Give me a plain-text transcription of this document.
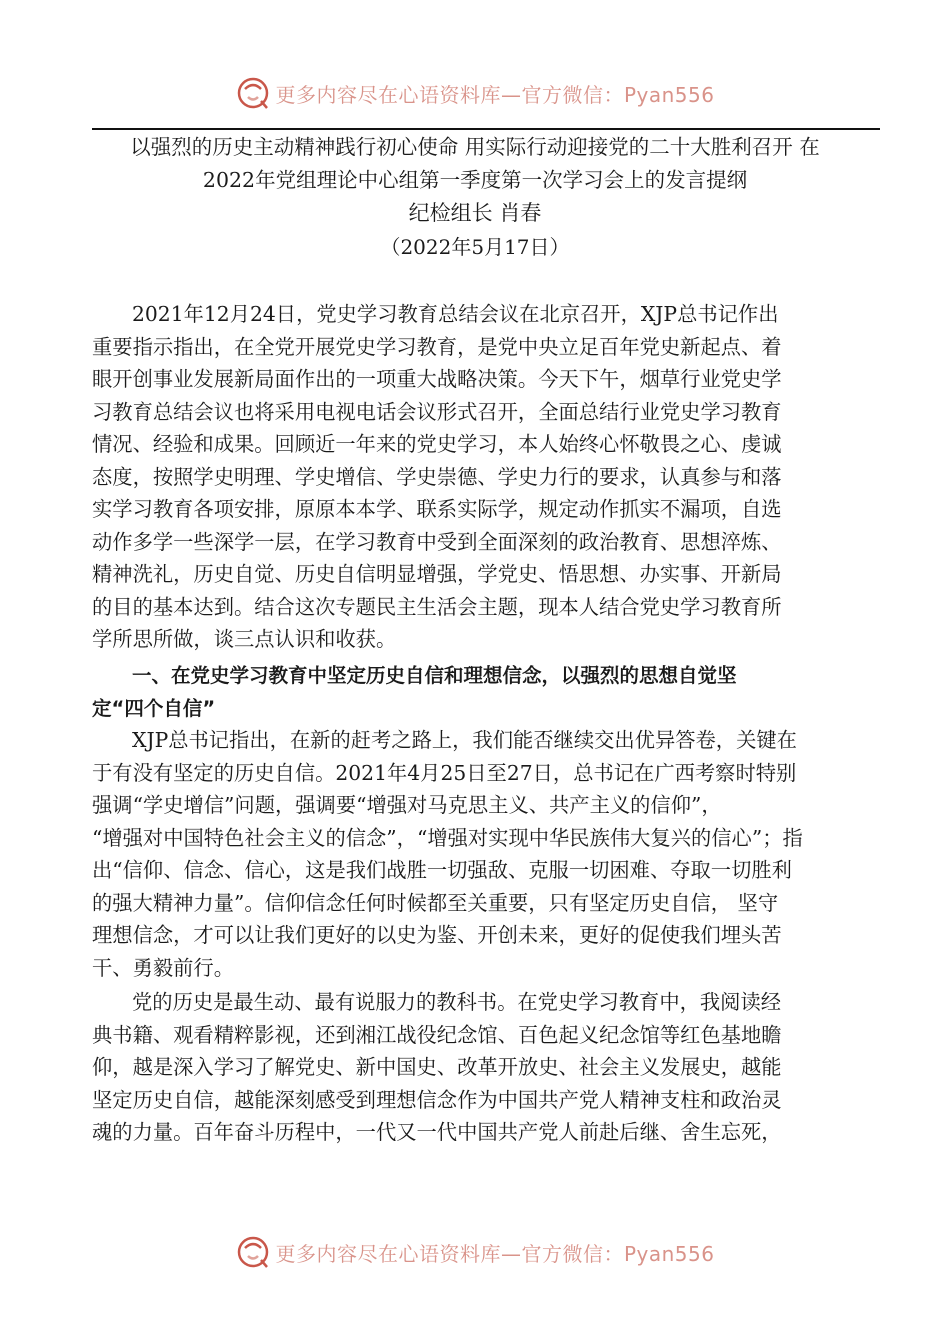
更多内容尽在心语资料库—官方微信：Pyan556
以强烈的历史主动精神践行初心使命 用实际行动迎接党的二十大胜利召开 在
2022年党组理论中心组第一季度第一次学习会上的发言提纲
纪检组长 肖春
（2022年5月17日）
2021年12月24日，党史学习教育总结会议在北京召开，XJP总书记作出
重要指示指出，在全党开展党史学习教育，是党中央立足百年党史新起点、着
眼开创事业发展新局面作出的一项重大战略决策。今天下午，烟草行业党史学
习教育总结会议也将采用电视电话会议形式召开，全面总结行业党史学习教育
情况、经验和成果。回顾近一年来的党史学习，本人始终心怀敬畏之心、虔诚
态度，按照学史明理、学史增信、学史崇德、学史力行的要求，认真参与和落
实学习教育各项安排，原原本本学、联系实际学，规定动作抓实不漏项，自选
动作多学一些深学一层，在学习教育中受到全面深刻的政治教育、思想淬炼、
精神洗礼，历史自觉、历史自信明显增强，学党史、悟思想、办实事、开新局
的目的基本达到。结合这次专题民主生活会主题，现本人结合党史学习教育所
学所思所做，谈三点认识和收获。
一、在党史学习教育中坚定历史自信和理想信念，以强烈的思想自觉坚
定“四个自信”
XJP总书记指出，在新的赶考之路上，我们能否继续交出优异答卷，关键在
于有没有坚定的历史自信。2021年4月25日至27日，总书记在广西考察时特别
强调“学史增信”问题，强调要“增强对马克思主义、共产主义的信仰”，
“增强对中国特色社会主义的信念”，“增强对实现中华民族伟大复兴的信心”；指
出“信仰、信念、信心，这是我们战胜一切强敌、克服一切困难、夺取一切胜利
的强大精神力量”。信仰信念任何时候都至关重要，只有坚定历史自信， 坚守
理想信念，才可以让我们更好的以史为鉴、开创未来，更好的促使我们埋头苦
干、勇毅前行。
党的历史是最生动、最有说服力的教科书。在党史学习教育中，我阅读经
典书籍、观看精粹影视，还到湘江战役纪念馆、百色起义纪念馆等红色基地瞻
仰，越是深入学习了解党史、新中国史、改革开放史、社会主义发展史，越能
坚定历史自信，越能深刻感受到理想信念作为中国共产党人精神支柱和政治灵
魂的力量。百年奋斗历程中，一代又一代中国共产党人前赴后继、舍生忘死，
更多内容尽在心语资料库—官方微信：Pyan556
